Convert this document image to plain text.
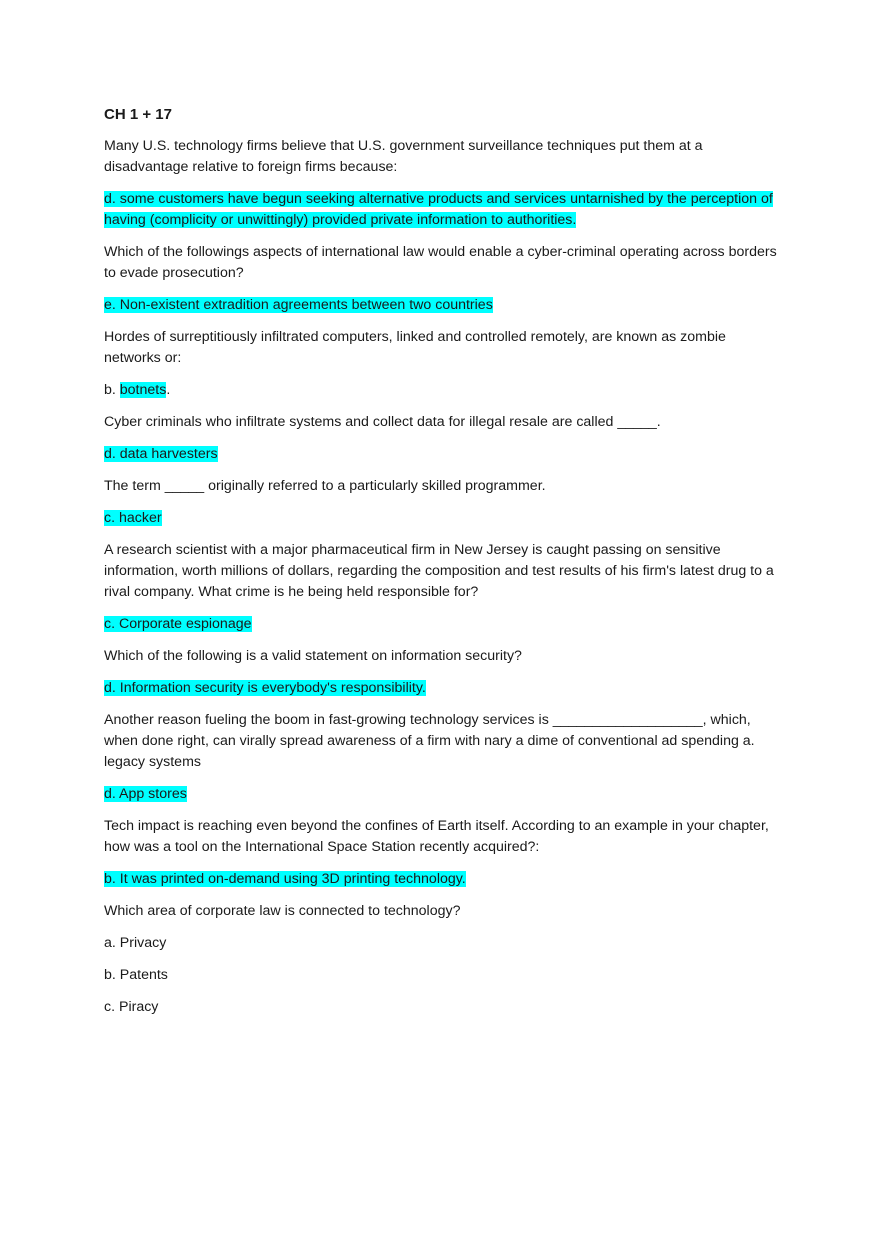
CH 1 + 17

Many U.S. technology firms believe that U.S. government surveillance techniques put them at a disadvantage relative to foreign firms because:

d. some customers have begun seeking alternative products and services untarnished by the perception of having (complicity or unwittingly) provided private information to authorities.

Which of the followings aspects of international law would enable a cyber-criminal operating across borders to evade prosecution?

e. Non-existent extradition agreements between two countries

Hordes of surreptitiously infiltrated computers, linked and controlled remotely, are known as zombie networks or:

b. botnets.

Cyber criminals who infiltrate systems and collect data for illegal resale are called _____.

d. data harvesters

The term _____ originally referred to a particularly skilled programmer.

c. hacker

A research scientist with a major pharmaceutical firm in New Jersey is caught passing on sensitive information, worth millions of dollars, regarding the composition and test results of his firm's latest drug to a rival company. What crime is he being held responsible for?

c. Corporate espionage

Which of the following is a valid statement on information security?

d. Information security is everybody's responsibility.

Another reason fueling the boom in fast-growing technology services is ___________________, which, when done right, can virally spread awareness of a firm with nary a dime of conventional ad spending a. legacy systems

d. App stores

Tech impact is reaching even beyond the confines of Earth itself. According to an example in your chapter, how was a tool on the International Space Station recently acquired?:

b. It was printed on-demand using 3D printing technology.

Which area of corporate law is connected to technology?

a. Privacy

b. Patents

c. Piracy
